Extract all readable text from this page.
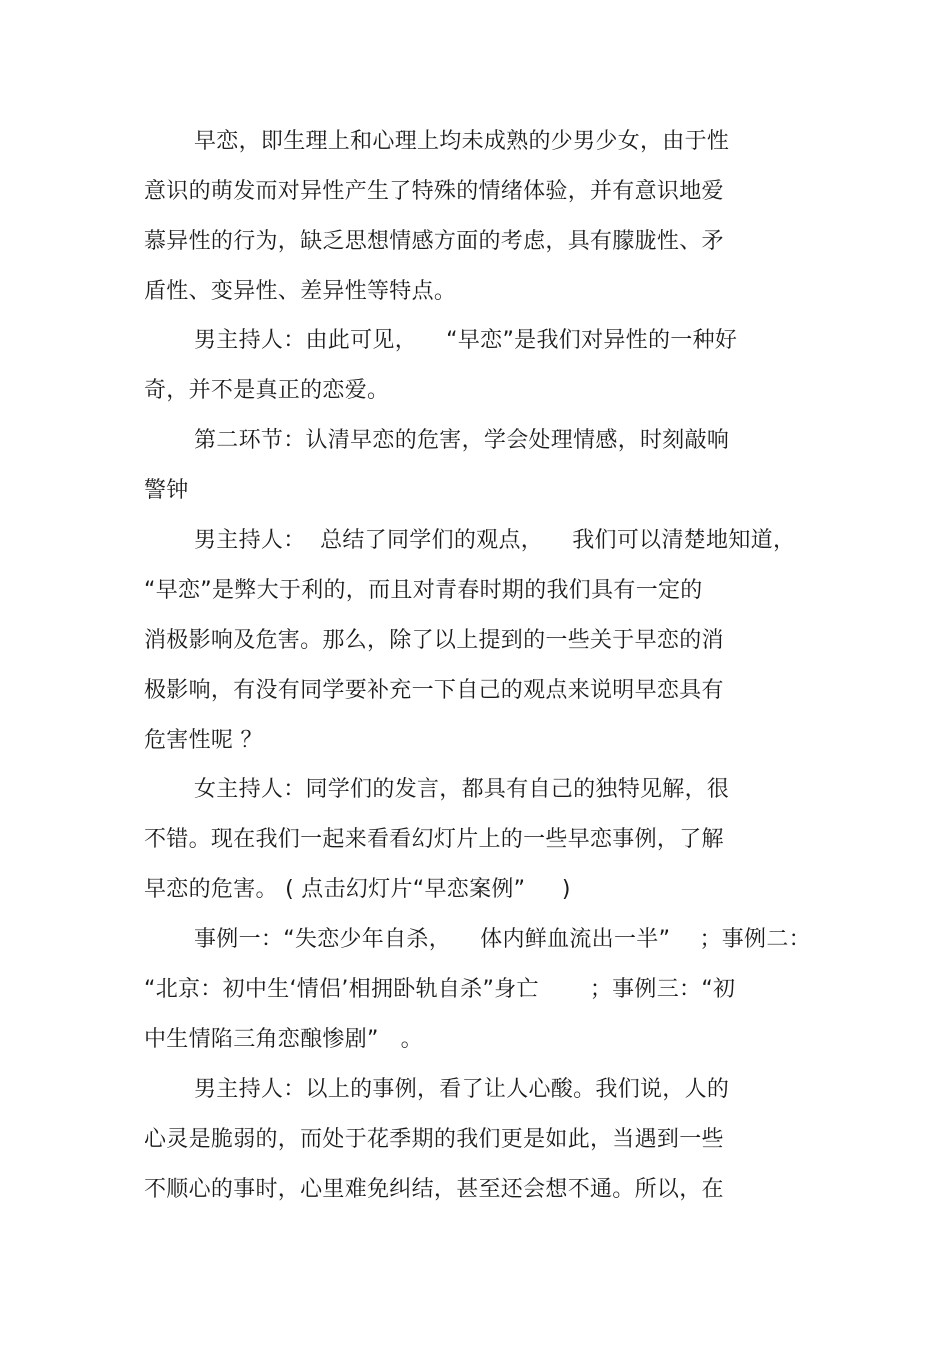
早恋，即生理上和心理上均未成熟的少男少女，由于性
意识的萌发而对异性产生了特殊的情绪体验，并有意识地爱
慕异性的行为，缺乏思想情感方面的考虑，具有朦胧性、矛
盾性、变异性、差异性等特点。
男主持人：由此可见，    “早恋”是我们对异性的一种好
奇，并不是真正的恋爱。
第二环节：认清早恋的危害，学会处理情感，时刻敲响
警钟
男主持人：  总结了同学们的观点，    我们可以清楚地知道，
“早恋”是弊大于利的，而且对青春时期的我们具有一定的
消极影响及危害。那么，除了以上提到的一些关于早恋的消
极影响，有没有同学要补充一下自己的观点来说明早恋具有
危害性呢 ？
女主持人：同学们的发言，都具有自己的独特见解，很
不错。现在我们一起来看看幻灯片上的一些早恋事例，了解
早恋的危害。 ( 点击幻灯片“早恋案例”     )
事例一：“失恋少年自杀，    体内鲜血流出一半”    ；事例二：
“北京：初中生‘情侣’相拥卧轨自杀”身亡       ；事例三：“初
中生情陷三角恋酿惨剧”   。
男主持人：以上的事例，看了让人心酸。我们说，人的
心灵是脆弱的，而处于花季期的我们更是如此，当遇到一些
不顺心的事时，心里难免纠结，甚至还会想不通。所以，在
